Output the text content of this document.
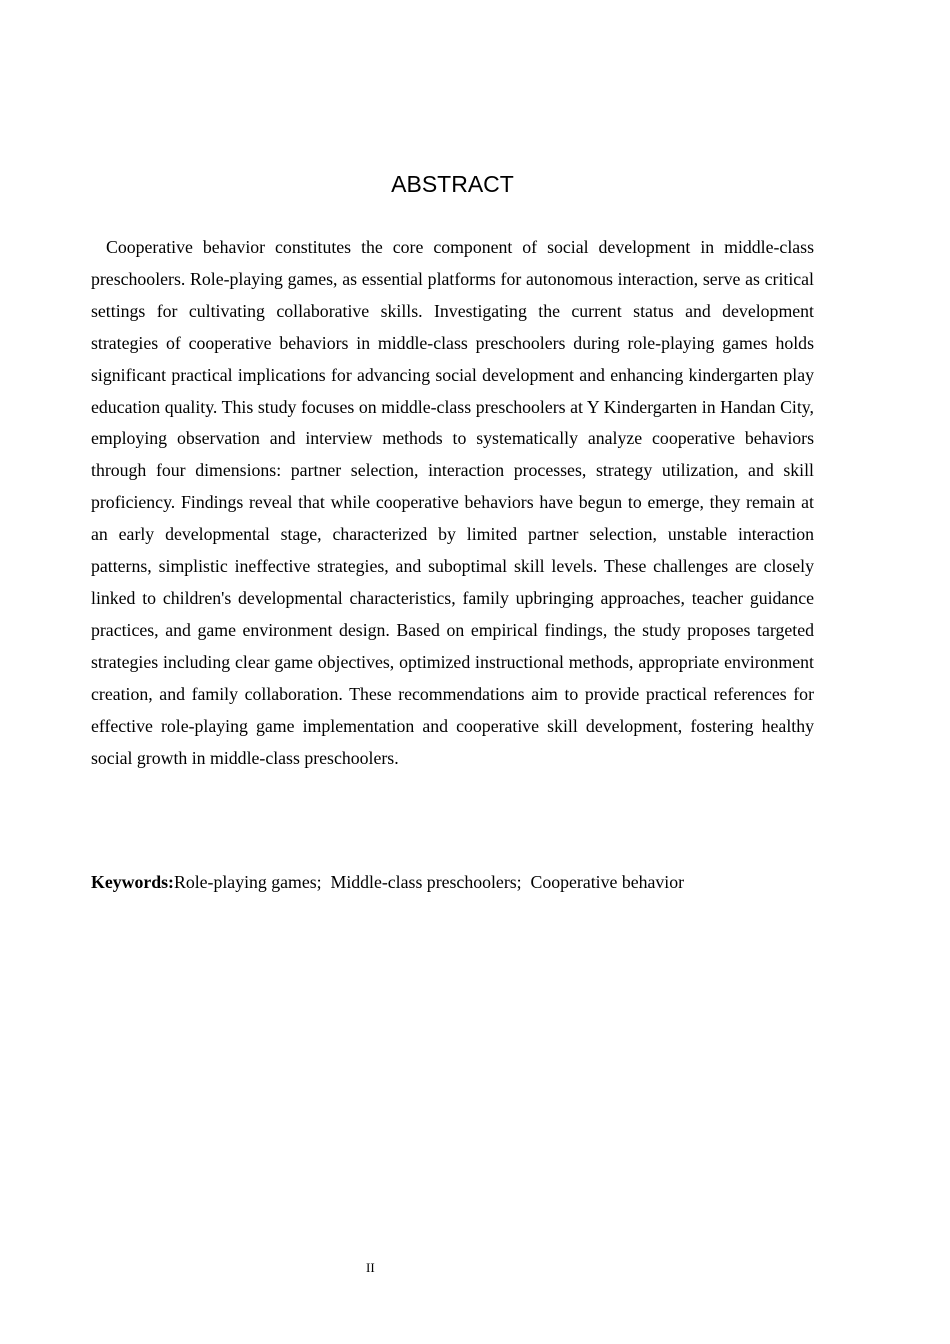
ABSTRACT

Cooperative behavior constitutes the core component of social development in middle-class preschoolers. Role-playing games, as essential platforms for autonomous interaction, serve as critical settings for cultivating collaborative skills. Investigating the current status and development strategies of cooperative behaviors in middle-class preschoolers during role-playing games holds significant practical implications for advancing social development and enhancing kindergarten play education quality. This study focuses on middle-class preschoolers at Y Kindergarten in Handan City, employing observation and interview methods to systematically analyze cooperative behaviors through four dimensions: partner selection, interaction processes, strategy utilization, and skill proficiency. Findings reveal that while cooperative behaviors have begun to emerge, they remain at an early developmental stage, characterized by limited partner selection, unstable interaction patterns, simplistic ineffective strategies, and suboptimal skill levels. These challenges are closely linked to children's developmental characteristics, family upbringing approaches, teacher guidance practices, and game environment design. Based on empirical findings, the study proposes targeted strategies including clear game objectives, optimized instructional methods, appropriate environment creation, and family collaboration. These recommendations aim to provide practical references for effective role-playing game implementation and cooperative skill development, fostering healthy social growth in middle-class preschoolers.

Keywords:Role-playing games;  Middle-class preschoolers;  Cooperative behavior

II
